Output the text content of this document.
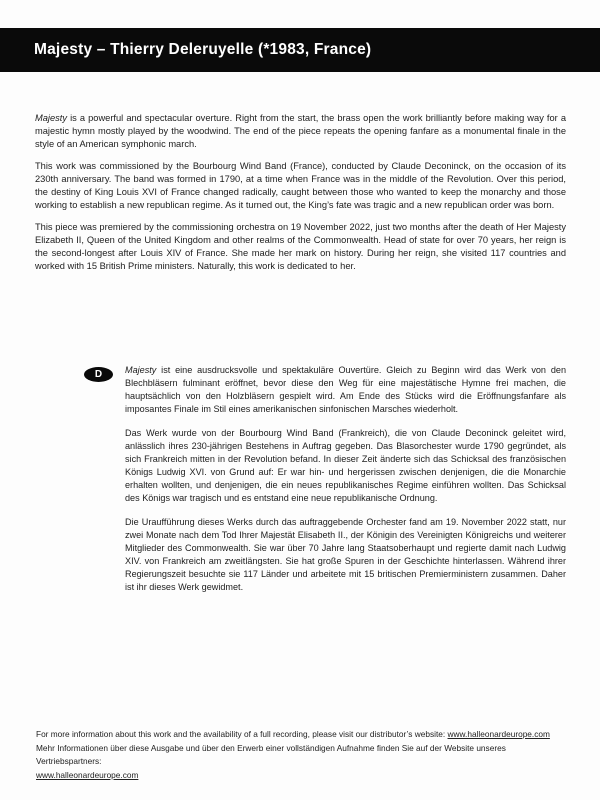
Majesty – Thierry Deleruyelle (*1983, France)

Majesty is a powerful and spectacular overture. Right from the start, the brass open the work brilliantly before making way for a majestic hymn mostly played by the woodwind. The end of the piece repeats the opening fanfare as a monumental finale in the style of an American symphonic march.

This work was commissioned by the Bourbourg Wind Band (France), conducted by Claude Deconinck, on the occasion of its 230th anniversary. The band was formed in 1790, at a time when France was in the middle of the Revolution. Over this period, the destiny of King Louis XVI of France changed radically, caught between those who wanted to keep the monarchy and those working to establish a new republican regime. As it turned out, the King’s fate was tragic and a new republican order was born.

This piece was premiered by the commissioning orchestra on 19 November 2022, just two months after the death of Her Majesty Elizabeth II, Queen of the United Kingdom and other realms of the Commonwealth. Head of state for over 70 years, her reign is the second-longest after Louis XIV of France. She made her mark on history. During her reign, she visited 117 countries and worked with 15 British Prime ministers. Naturally, this work is dedicated to her.

D	Majesty ist eine ausdrucksvolle und spektakuläre Ouvertüre. Gleich zu Beginn wird das Werk von den Blechbläsern fulminant eröffnet, bevor diese den Weg für eine majestätische Hymne frei machen, die hauptsächlich von den Holzbläsern gespielt wird. Am Ende des Stücks wird die Eröffnungsfanfare als imposantes Finale im Stil eines amerikanischen sinfonischen Marsches wiederholt.

Das Werk wurde von der Bourbourg Wind Band (Frankreich), die von Claude Deconinck geleitet wird, anlässlich ihres 230-jährigen Bestehens in Auftrag gegeben. Das Blasorchester wurde 1790 gegründet, als sich Frankreich mitten in der Revolution befand. In dieser Zeit änderte sich das Schicksal des französischen Königs Ludwig XVI. von Grund auf: Er war hin- und hergerissen zwischen denjenigen, die die Monarchie erhalten wollten, und denjenigen, die ein neues republikanisches Regime einführen wollten. Das Schicksal des Königs war tragisch und es entstand eine neue republikanische Ordnung.

Die Uraufführung dieses Werks durch das auftraggebende Orchester fand am 19. November 2022 statt, nur zwei Monate nach dem Tod Ihrer Majestät Elisabeth II., der Königin des Vereinigten Königreichs und weiterer Mitglieder des Commonwealth. Sie war über 70 Jahre lang Staatsoberhaupt und regierte damit nach Ludwig XIV. von Frankreich am zweitlängsten. Sie hat große Spuren in der Geschichte hinterlassen. Während ihrer Regierungszeit besuchte sie 117 Länder und arbeitete mit 15 britischen Premierministern zusammen. Daher ist ihr dieses Werk gewidmet.

For more information about this work and the availability of a full recording, please visit our distributor’s website: www.halleonardeurope.com

Mehr Informationen über diese Ausgabe und über den Erwerb einer vollständigen Aufnahme finden Sie auf der Website unseres Vertriebspartners:

www.halleonardeurope.com
